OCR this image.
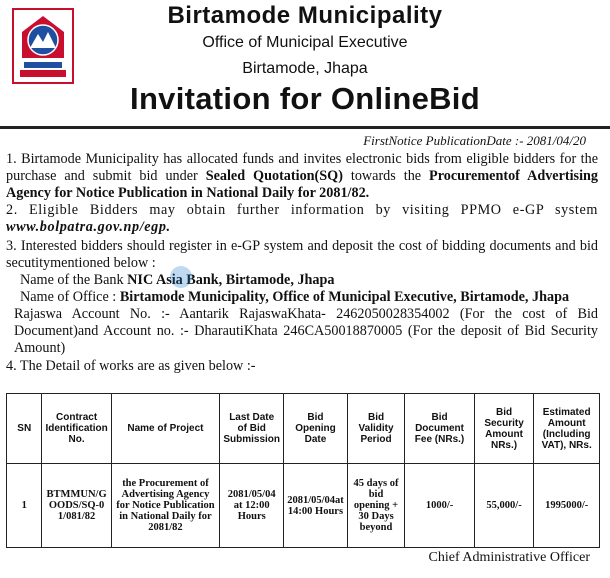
Birtamode Municipality
Office of Municipal Executive
Birtamode, Jhapa
Invitation for OnlineBid
FirstNotice PublicationDate :- 2081/04/20

1. Birtamode Municipality has allocated funds and invites electronic bids from eligible bidders for the purchase and submit bid under Sealed Quotation(SQ) towards the Procurementof Advertising Agency for Notice Publication in National Daily for 2081/82.

2. Eligible Bidders may obtain further information by visiting PPMO e-GP system www.bolpatra.gov.np/egp.

3. Interested bidders should register in e-GP system and deposit the cost of bidding documents and bid secutitymentioned below :

Name of the Bank NIC Asia Bank, Birtamode, Jhapa

Name of Office : Birtamode Municipality, Office of Municipal Executive, Birtamode, Jhapa

Rajaswa Account No. :- Aantarik RajaswaKhata- 2462050028354002 (For the cost of Bid Document)and Account no. :- DharautiKhata 246CA50018870005 (For the deposit of Bid Security Amount)

4. The Detail of works are as given below :-

SN	Contract Identification No.	Name of Project	Last Date of Bid Submission	Bid Opening Date	Bid Validity Period	Bid Document Fee (NRs.)	Bid Security Amount NRs.)	Estimated Amount (Including VAT), NRs.
1	BTMMUN/GOODS/SQ-01/081/82	the Procurement of Advertising Agency for Notice Publication in National Daily for 2081/82	2081/05/04 at 12:00 Hours	2081/05/04at 14:00 Hours	45 days of bid opening + 30 Days beyond	1000/-	55,000/-	1995000/-
Chief Administrative Officer
